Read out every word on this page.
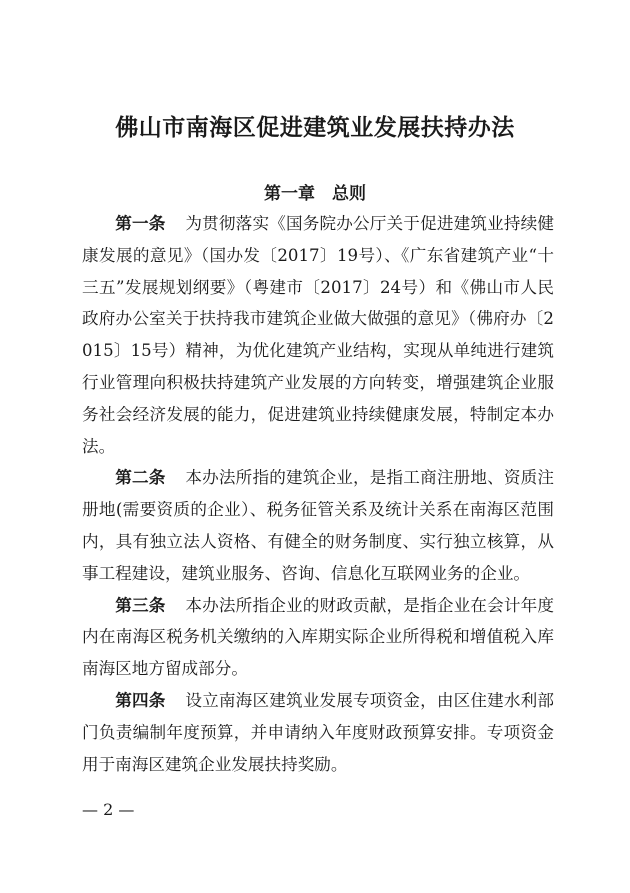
佛山市南海区促进建筑业发展扶持办法
第一章　总则

第一条 为贯彻落实《国务院办公厅关于促进建筑业持续健康发展的意见》（国办发〔2017〕19号）、《广东省建筑产业“十三五”发展规划纲要》（粤建市〔2017〕24号）和《佛山市人民政府办公室关于扶持我市建筑企业做大做强的意见》（佛府办〔2015〕15号）精神，为优化建筑产业结构，实现从单纯进行建筑行业管理向积极扶持建筑产业发展的方向转变，增强建筑企业服务社会经济发展的能力，促进建筑业持续健康发展，特制定本办法。

第二条 本办法所指的建筑企业，是指工商注册地、资质注册地(需要资质的企业）、税务征管关系及统计关系在南海区范围内，具有独立法人资格、有健全的财务制度、实行独立核算，从事工程建设，建筑业服务、咨询、信息化互联网业务的企业。

第三条 本办法所指企业的财政贡献，是指企业在会计年度内在南海区税务机关缴纳的入库期实际企业所得税和增值税入库南海区地方留成部分。

第四条 设立南海区建筑业发展专项资金，由区住建水利部门负责编制年度预算，并申请纳入年度财政预算安排。专项资金用于南海区建筑企业发展扶持奖励。

— 2 —
